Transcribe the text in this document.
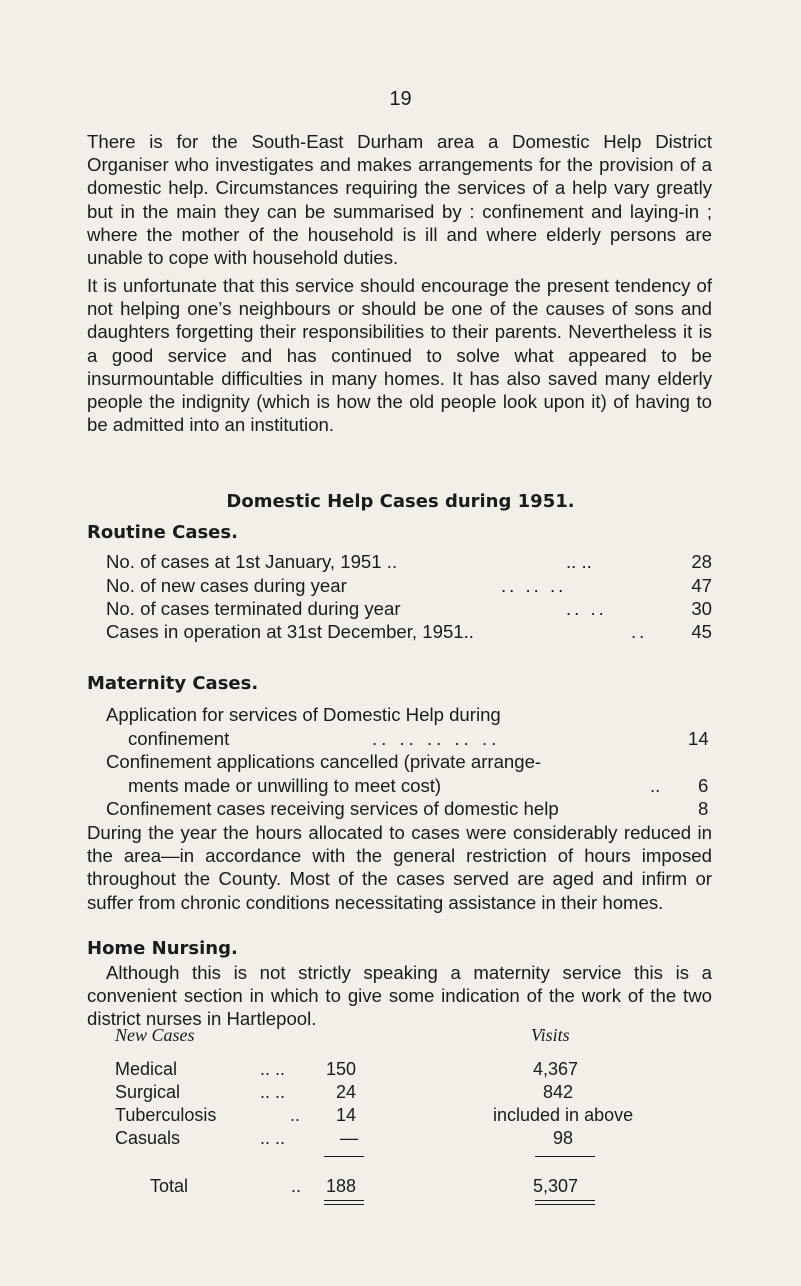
19

There is for the South-East Durham area a Domestic Help District Organiser who investigates and makes arrangements for the provision of a domestic help. Circumstances requiring the services of a help vary greatly but in the main they can be summarised by : confinement and laying-in ; where the mother of the household is ill and where elderly persons are unable to cope with household duties.

It is unfortunate that this service should encourage the present tendency of not helping one’s neighbours or should be one of the causes of sons and daughters forgetting their responsibilities to their parents. Nevertheless it is a good service and has continued to solve what appeared to be insurmountable difficulties in many homes. It has also saved many elderly people the indignity (which is how the old people look upon it) of having to be admitted into an institution.

Domestic Help Cases during 1951.
Routine Cases.
No. of cases at 1st January, 1951 ..	28
No. of new cases during year	.. .. ..	47
No. of cases terminated during year	.. ..	30
Cases in operation at 31st December, 1951..	.. 45
.. ..
Maternity Cases.
Application for services of Domestic Help during
confinement	.. .. .. .. ..	14
Confinement applications cancelled (private arrange-
ments made or unwilling to meet cost)	.. 6
Confinement cases receiving services of domestic help	8

During the year the hours allocated to cases were considerably reduced in the area—in accordance with the general restriction of hours imposed throughout the County. Most of the cases served are aged and infirm or suffer from chronic conditions necessitating assistance in their homes.

Home Nursing.

Although this is not strictly speaking a maternity service this is a convenient section in which to give some indication of the work of the two district nurses in Hartlepool.

New Cases	Visits
Medical	.. .. 150	4,367
Surgical	.. ..	24	842
Tuberculosis	.. 14	included in above
Casuals	.. ..	—	98
Total	.. 188	5,307
